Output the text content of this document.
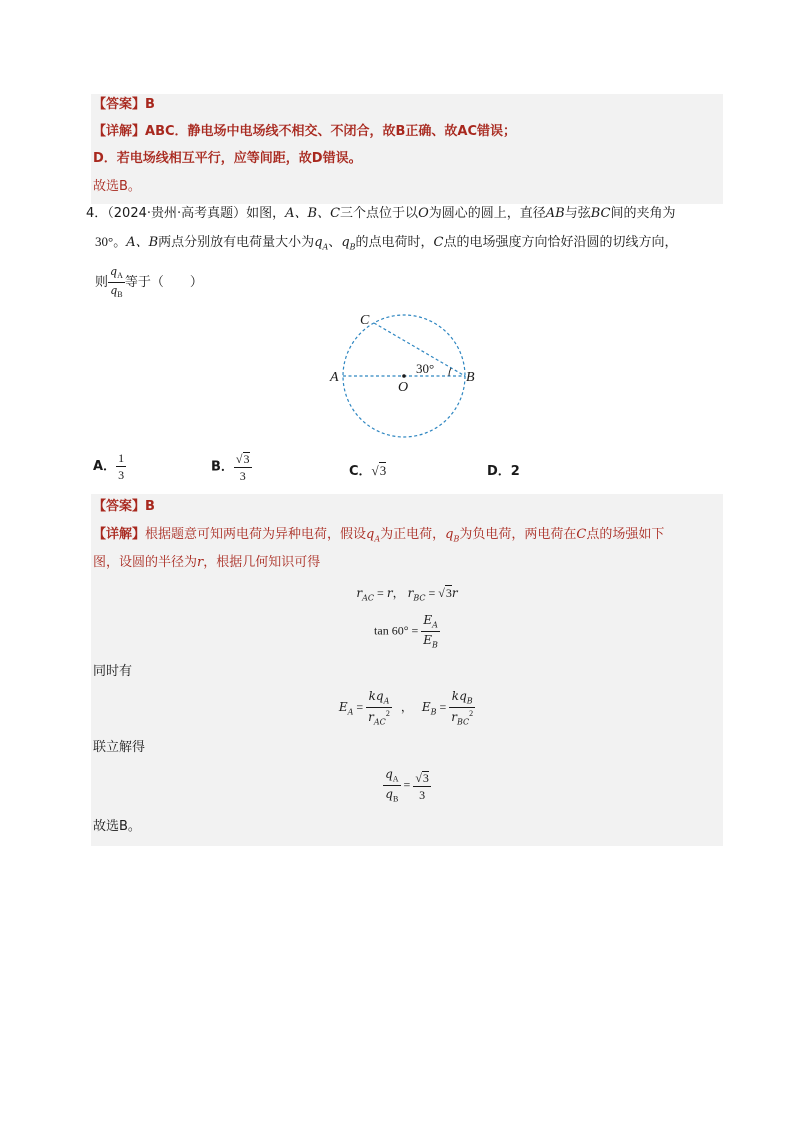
【答案】B
【详解】ABC．静电场中电场线不相交、不闭合，故B正确、故AC错误；
D．若电场线相互平行，应等间距，故D错误。
故选B。
4．（2024·贵州·高考真题）如图，A、B、C三个点位于以O为圆心的圆上，直径AB与弦BC间的夹角为
30°。A、B两点分别放有电荷量大小为$q_A$、$q_B$的点电荷时，C点的电场强度方向恰好沿圆的切线方向，
则 $\frac{q_A}{q_B}$ 等于（　　）
C
A	B
O
30°
A． $\frac{1}{3}$	B． $\frac{√3}{3}$	C．√3	D．2
【答案】B
【详解】根据题意可知两电荷为异种电荷，假设$q_A$为正电荷，$q_B$为负电荷，两电荷在C点的场强如下
图，设圆的半径为r，根据几何知识可得
$r_{AC} = r$， $r_{BC} = √3r$
$\tan 60^\circ = \frac{E_A}{E_B}$
同时有
$E_A = \frac{kq_A}{r_{AC}^2}$ ， $E_B = \frac{kq_B}{r_{BC}^2}$
联立解得
$\frac{q_A}{q_B} = \frac{√3}{3}$
故选B。
